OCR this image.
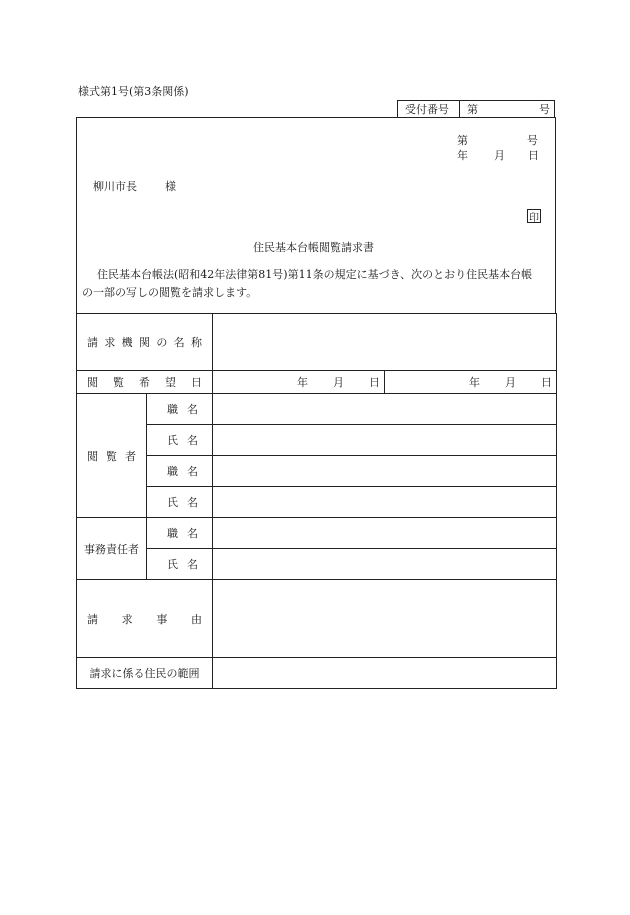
様式第1号(第3条関係)
受付番号 第	号
第	号
年 月 日
柳川市長	様
印
住民基本台帳閲覧請求書
住民基本台帳法(昭和42年法律第81号)第11条の規定に基づき、次のとおり住民基本台帳
の一部の写しの閲覧を請求します。
請求機関の名称			
閲覧希望日		年 月 日	年 月 日

閲覧者	職名		
	氏名		
	職名		
	氏名		
事務責任者	職名		
	氏名		
請求事由			
請求に係る住民の範囲			
